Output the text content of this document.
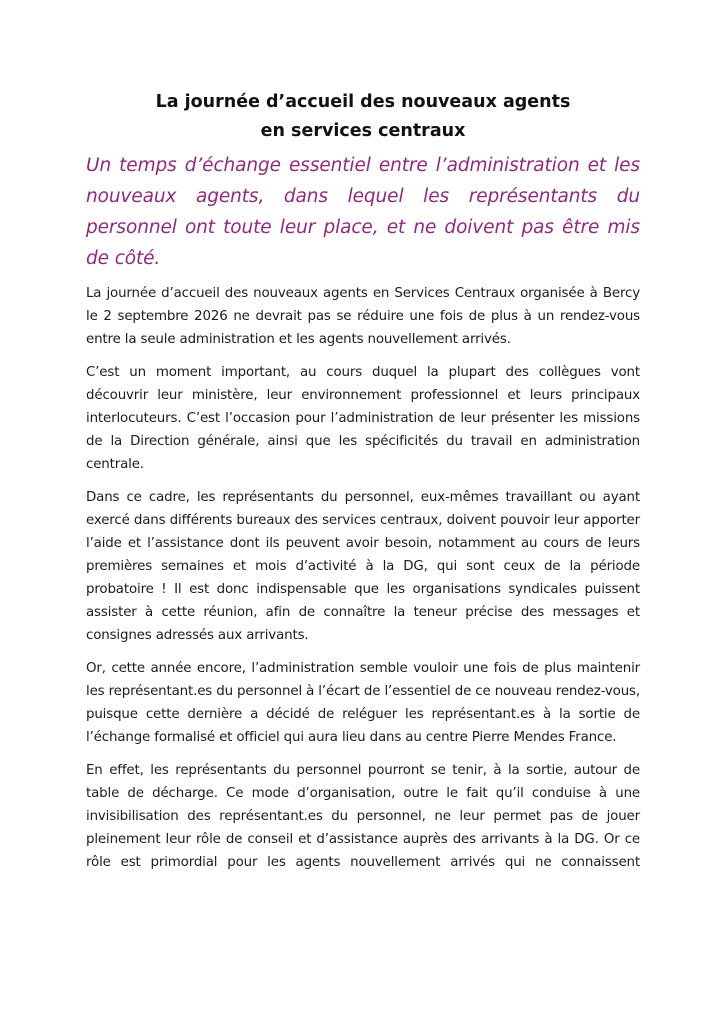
La journée d’accueil des nouveaux agents
en services centraux

Un temps d’échange essentiel entre l’administration et les nouveaux agents, dans lequel les représentants du personnel ont toute leur place, et ne doivent pas être mis de côté.

La journée d’accueil des nouveaux agents en Services Centraux organisée à Bercy le 2 septembre 2026 ne devrait pas se réduire une fois de plus à un rendez-vous entre la seule administration et les agents nouvellement arrivés.

C’est un moment important, au cours duquel la plupart des collègues vont découvrir leur ministère, leur environnement professionnel et leurs principaux interlocuteurs. C’est l’occasion pour l’administration de leur présenter les missions de la Direction générale, ainsi que les spécificités du travail en administration centrale.

Dans ce cadre, les représentants du personnel, eux-mêmes travaillant ou ayant exercé dans différents bureaux des services centraux, doivent pouvoir leur apporter l’aide et l’assistance dont ils peuvent avoir besoin, notamment au cours de leurs premières semaines et mois d’activité à la DG, qui sont ceux de la période probatoire ! Il est donc indispensable que les organisations syndicales puissent assister à cette réunion, afin de connaître la teneur précise des messages et consignes adressés aux arrivants.

Or, cette année encore, l’administration semble vouloir une fois de plus maintenir les représentant.es du personnel à l’écart de l’essentiel de ce nouveau rendez-vous, puisque cette dernière a décidé de reléguer les représentant.es à la sortie de l’échange formalisé et officiel qui aura lieu dans au centre Pierre Mendes France.

En effet, les représentants du personnel pourront se tenir, à la sortie, autour de table de décharge. Ce mode d’organisation, outre le fait qu’il conduise à une invisibilisation des représentant.es du personnel, ne leur permet pas de jouer pleinement leur rôle de conseil et d’assistance auprès des arrivants à la DG. Or ce rôle est primordial pour les agents nouvellement arrivés qui ne connaissent
